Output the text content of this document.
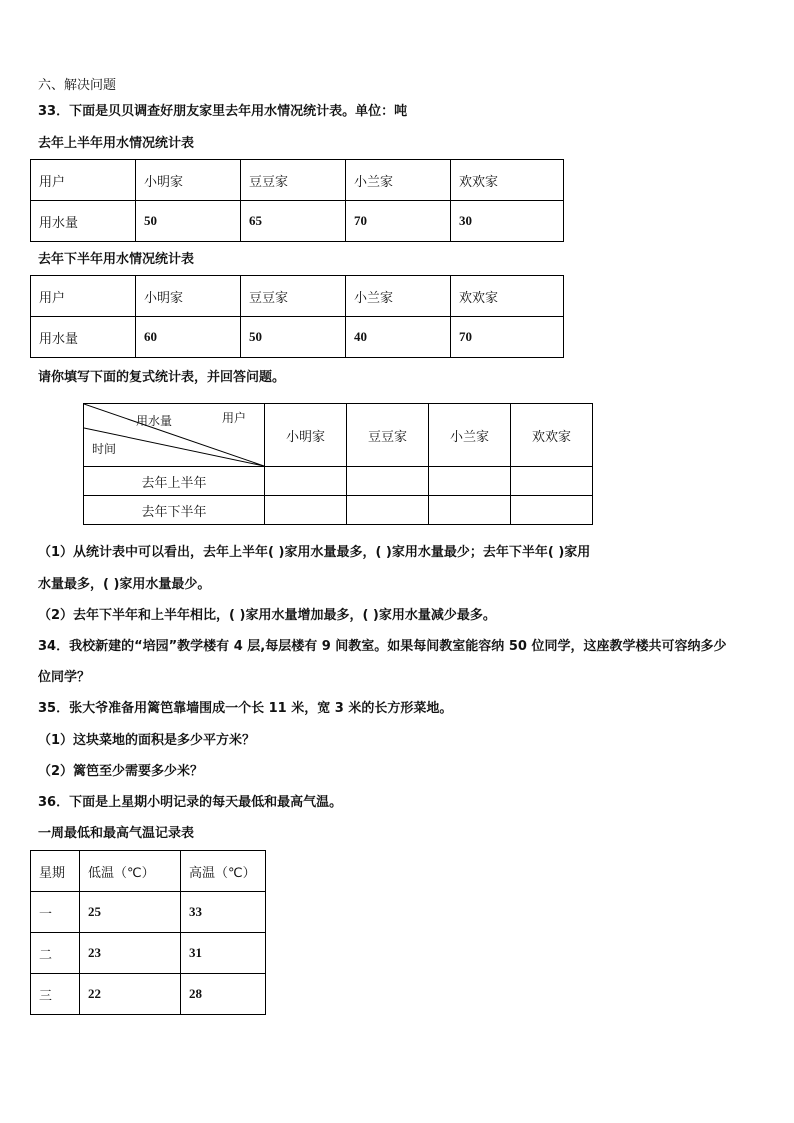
六、解决问题
33．下面是贝贝调查好朋友家里去年用水情况统计表。单位：吨
去年上半年用水情况统计表
用户	小明家	豆豆家	小兰家	欢欢家
用水量	50	65	70	30
去年下半年用水情况统计表
用户	小明家	豆豆家	小兰家	欢欢家
用水量	60	50	40	70
请你填写下面的复式统计表，并回答问题。
用户
用水量
时间	小明家	豆豆家	小兰家	欢欢家
去年上半年				
去年下半年				
（1）从统计表中可以看出，去年上半年( )家用水量最多，( )家用水量最少；去年下半年( )家用
水量最多，( )家用水量最少。
（2）去年下半年和上半年相比，( )家用水量增加最多，( )家用水量减少最多。
34．我校新建的“培园”教学楼有 4 层,每层楼有 9 间教室。如果每间教室能容纳 50 位同学，这座教学楼共可容纳多少
位同学？
35．张大爷准备用篱笆靠墙围成一个长 11 米，宽 3 米的长方形菜地。
（1）这块菜地的面积是多少平方米？
（2）篱笆至少需要多少米？
36．下面是上星期小明记录的每天最低和最高气温。
一周最低和最高气温记录表
星期	低温（℃）	高温（℃）
一	25	33
二	23	31
三	22	28
